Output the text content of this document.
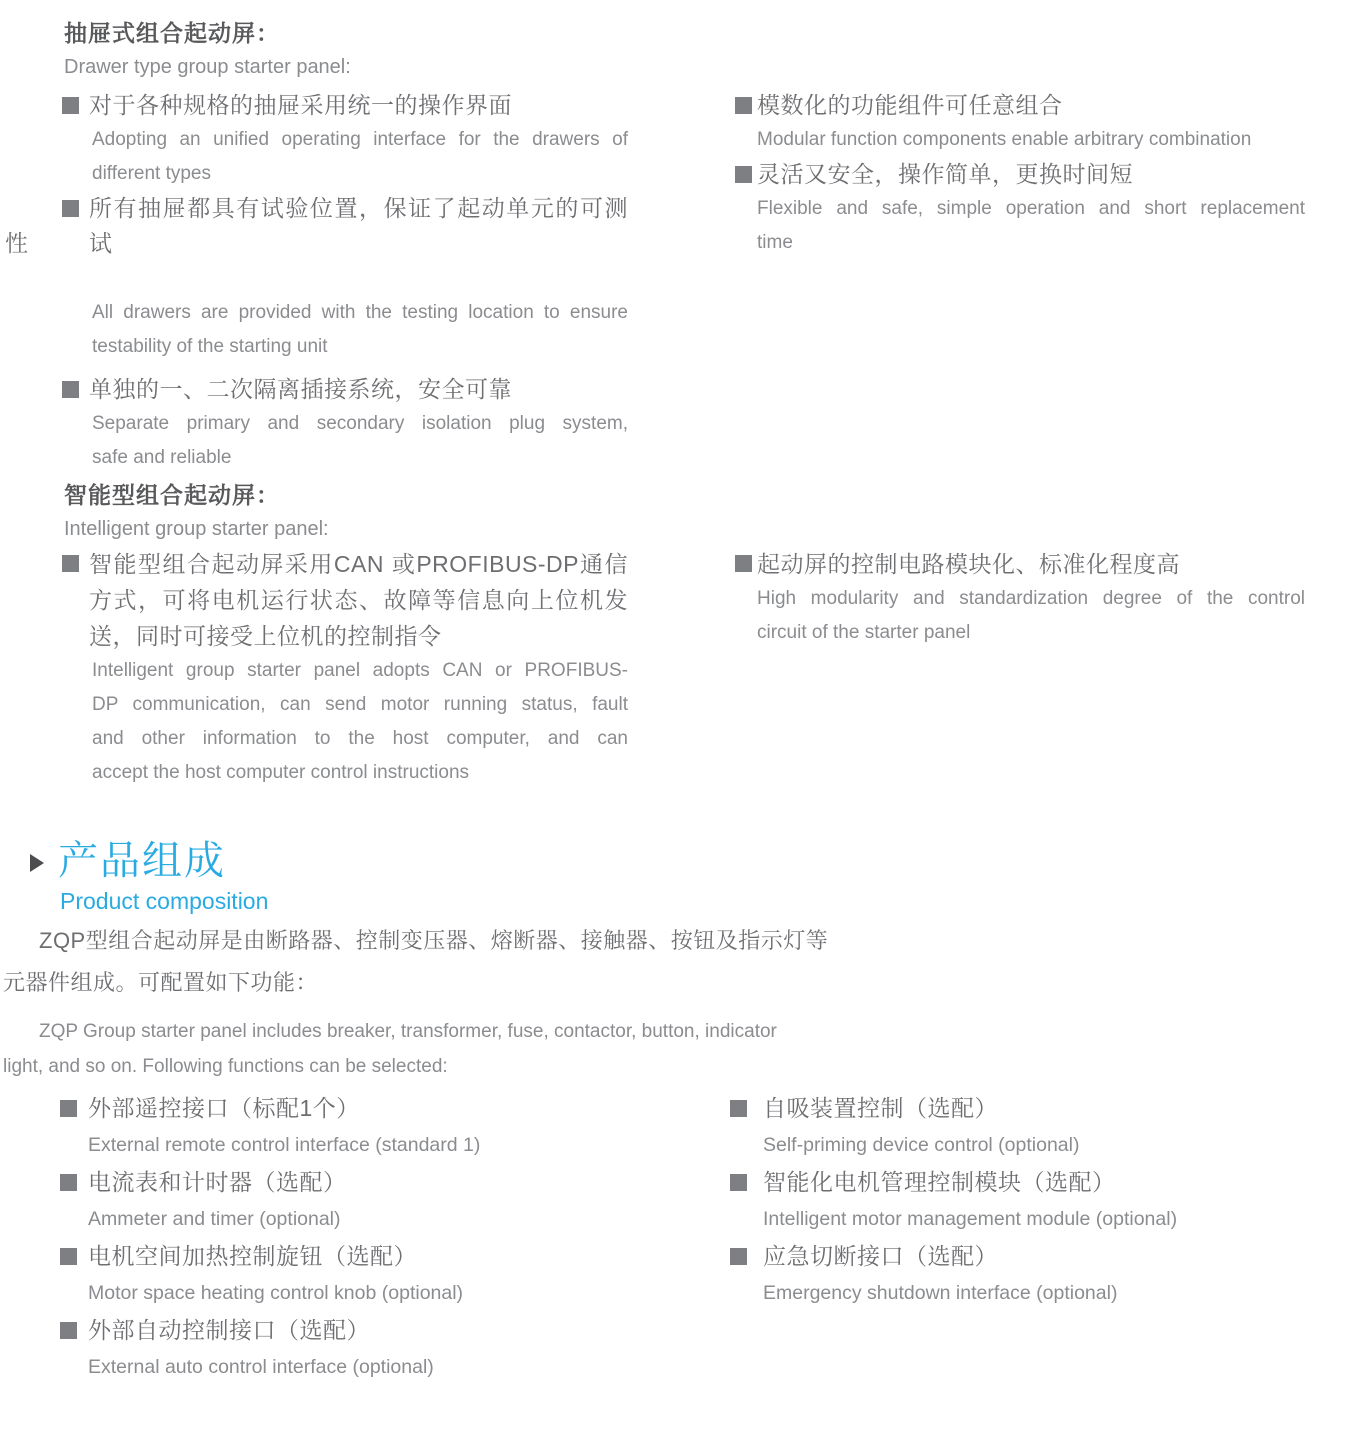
抽屉式组合起动屏：
Drawer type group starter panel:
对于各种规格的抽屉采用统一的操作界面
Adopting an unified operating interface for the drawers of
different types
所有抽屉都具有试验位置，保证了起动单元的可测试
All drawers are provided with the testing location to ensure
testability of the starting unit
单独的一、二次隔离插接系统，安全可靠
Separate primary and secondary isolation plug system,
safe and reliable
性
模数化的功能组件可任意组合
Modular function components enable arbitrary combination
灵活又安全，操作简单，更换时间短
Flexible and safe, simple operation and short replacement
time
智能型组合起动屏：
Intelligent group starter panel:
智能型组合起动屏采用CAN 或PROFIBUS-DP通信
方式，可将电机运行状态、故障等信息向上位机发
送，同时可接受上位机的控制指令
Intelligent group starter panel adopts CAN or PROFIBUS-
DP communication, can send motor running status, fault
and other information to the host computer, and can
accept the host computer control instructions
起动屏的控制电路模块化、标准化程度高
High modularity and standardization degree of the control
circuit of the starter panel
产品组成
Product composition
ZQP型组合起动屏是由断路器、控制变压器、熔断器、接触器、按钮及指示灯等
元器件组成。可配置如下功能：
ZQP Group starter panel includes breaker, transformer, fuse, contactor, button, indicator
light, and so on. Following functions can be selected:
外部遥控接口（标配1个）
External remote control interface (standard 1)
电流表和计时器（选配）
Ammeter and timer (optional)
电机空间加热控制旋钮（选配）
Motor space heating control knob (optional)
外部自动控制接口（选配）
External auto control interface (optional)
自吸装置控制（选配）
Self-priming device control (optional)
智能化电机管理控制模块（选配）
Intelligent motor management module (optional)
应急切断接口（选配）
Emergency shutdown interface (optional)
